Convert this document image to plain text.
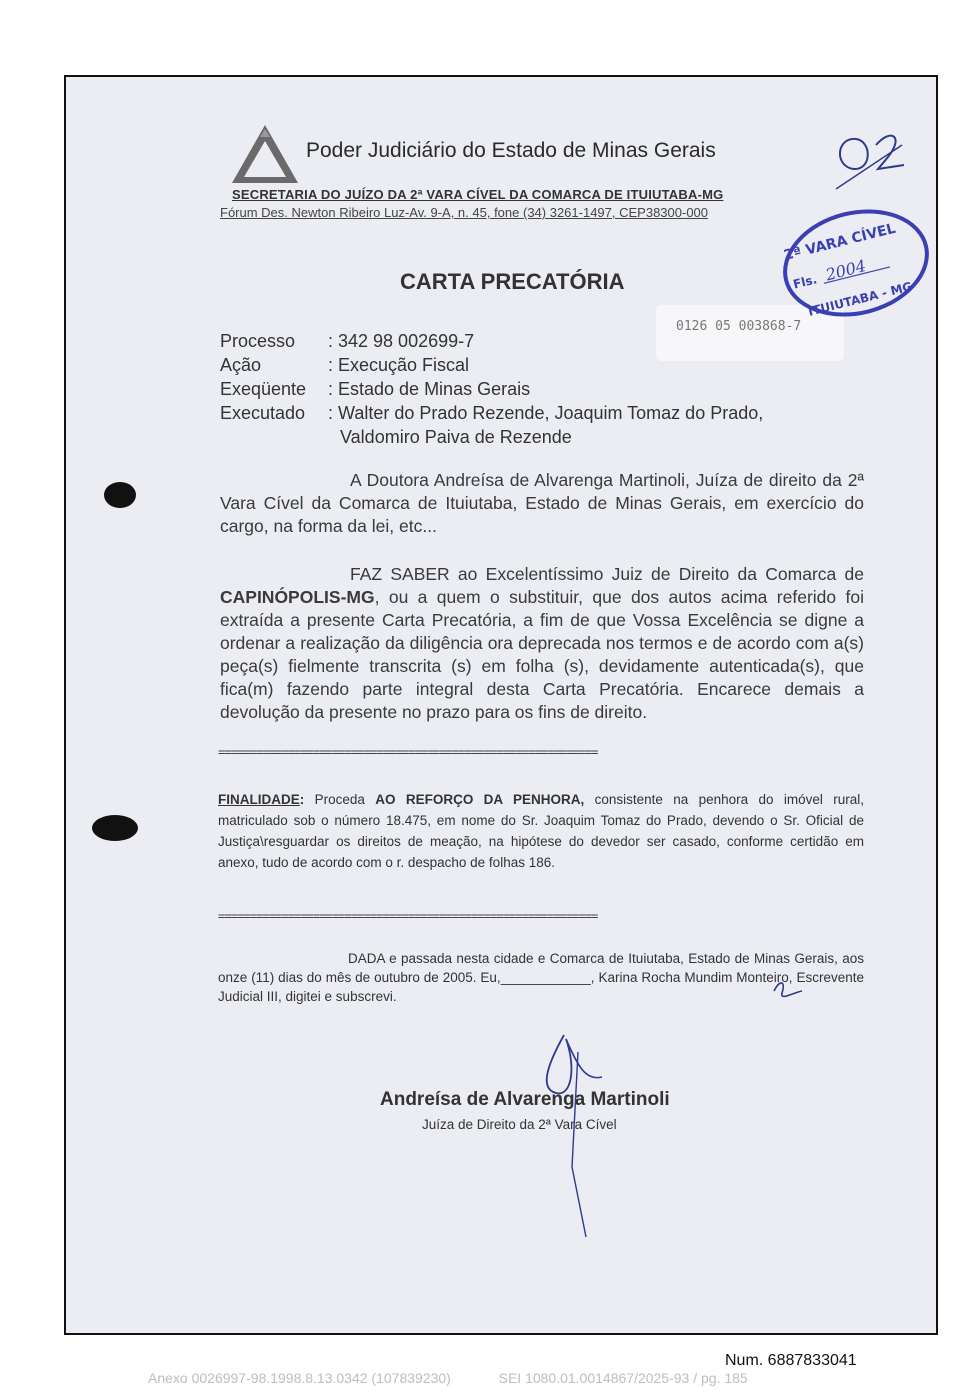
Poder Judiciário do Estado de Minas Gerais
SECRETARIA DO JUÍZO DA 2ª VARA CÍVEL DA COMARCA DE ITUIUTABA-MG
Fórum Des. Newton Ribeiro Luz-Av. 9-A, n. 45, fone (34) 3261-1497, CEP38300-000
CARTA PRECATÓRIA
0126 05 003868-7
Processo	: 342 98 002699-7
Ação	: Execução Fiscal
Exeqüente	: Estado de Minas Gerais
Executado	: Walter do Prado Rezende, Joaquim Tomaz do Prado,
Valdomiro Paiva de Rezende
A Doutora Andreísa de Alvarenga Martinoli, Juíza de direito da 2ª Vara Cível da Comarca de Ituiutaba, Estado de Minas Gerais, em exercício do cargo, na forma da lei, etc...
FAZ SABER ao Excelentíssimo Juiz de Direito da Comarca de CAPINÓPOLIS-MG, ou a quem o substituir, que dos autos acima referido foi extraída a presente Carta Precatória, a fim de que Vossa Excelência se digne a ordenar a realização da diligência ora deprecada nos termos e de acordo com a(s) peça(s) fielmente transcrita (s) em folha (s), devidamente autenticada(s), que fica(m) fazendo parte integral desta Carta Precatória. Encarece demais a devolução da presente no prazo para os fins de direito.
============================================================
FINALIDADE: Proceda AO REFORÇO DA PENHORA, consistente na penhora do imóvel rural, matriculado sob o número 18.475, em nome do Sr. Joaquim Tomaz do Prado, devendo o Sr. Oficial de Justiça\resguardar os direitos de meação, na hipótese do devedor ser casado, conforme certidão em anexo, tudo de acordo com o r. despacho de folhas 186.
============================================================
DADA e passada nesta cidade e Comarca de Ituiutaba, Estado de Minas Gerais, aos onze (11) dias do mês de outubro de 2005. Eu,____________, Karina Rocha Mundim Monteiro, Escrevente Judicial III, digitei e subscrevi.
Andreísa de Alvarenga Martinoli
Juíza de Direito da 2ª Vara Cível
2ª VARA CÍVEL
Fls. 2004
ITUIUTABA - MG
Num. 6887833041
Anexo 0026997-98.1998.8.13.0342 (107839230)	SEI 1080.01.0014867/2025-93 / pg. 185
